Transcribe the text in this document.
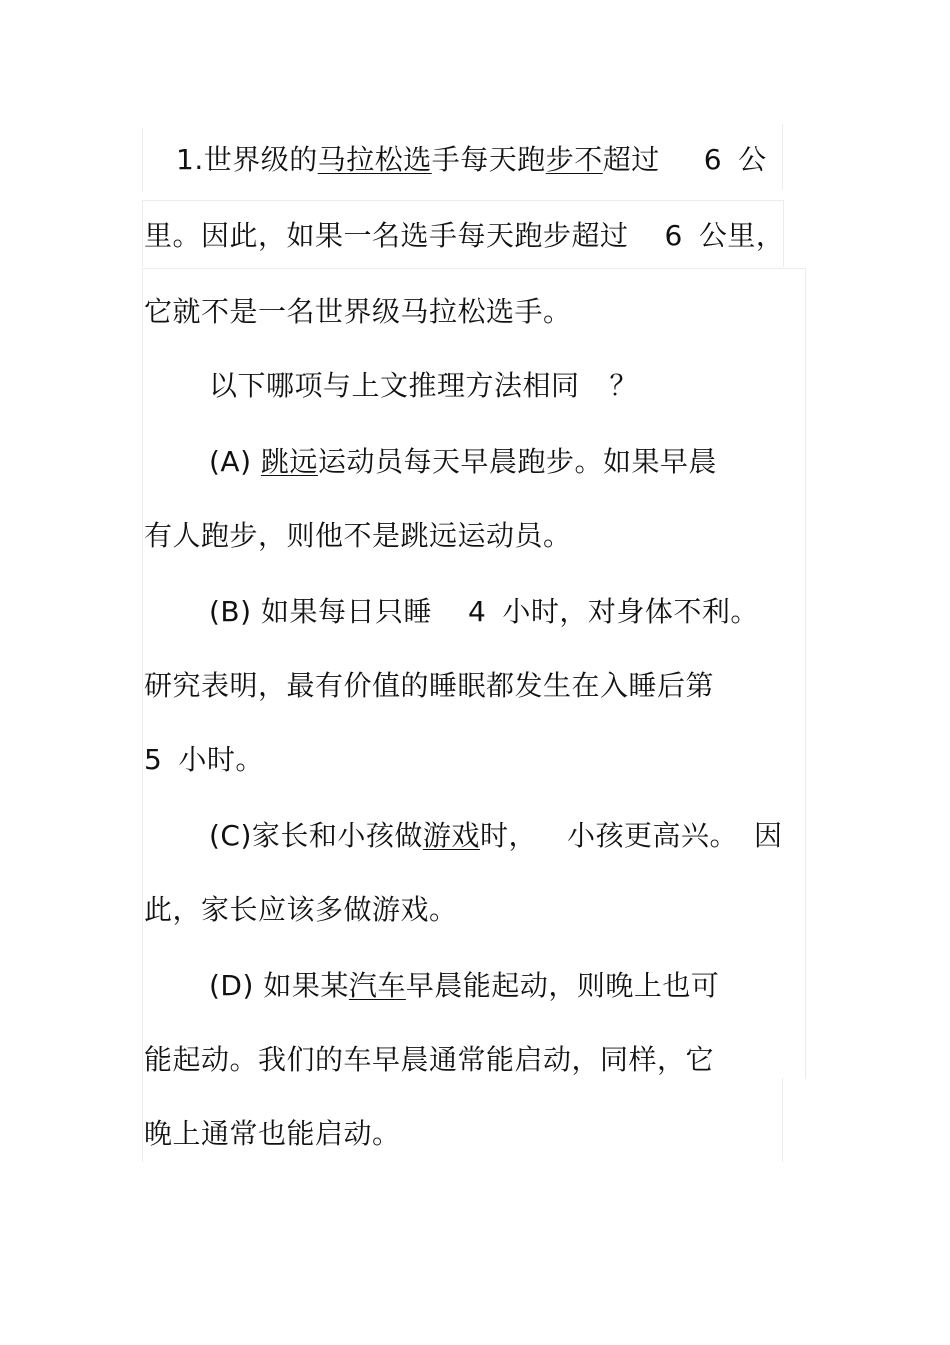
1.世界级的马拉松选手每天跑步不超过 6 公
里。因此，如果一名选手每天跑步超过 6 公里，
它就不是一名世界级马拉松选手。
以下哪项与上文推理方法相同 ？
(A) 跳远运动员每天早晨跑步。如果早晨
有人跑步，则他不是跳远运动员。
(B) 如果每日只睡 4 小时，对身体不利。
研究表明，最有价值的睡眠都发生在入睡后第
5 小时。
(C)家长和小孩做游戏时， 小孩更高兴。 因
此，家长应该多做游戏。
(D) 如果某汽车早晨能起动，则晚上也可
能起动。我们的车早晨通常能启动，同样，它
晚上通常也能启动。
